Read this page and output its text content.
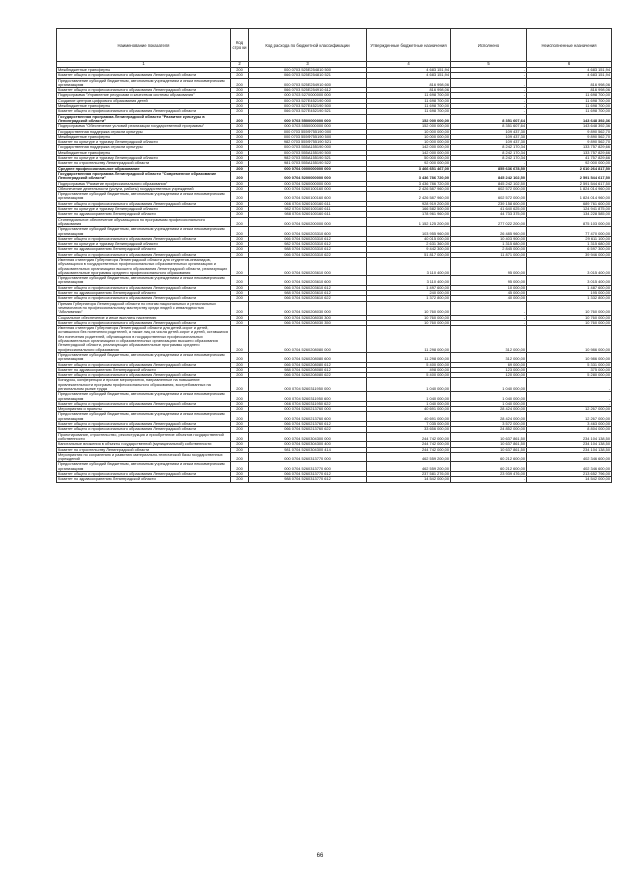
Наименование показателя	Код стро ки	Код расхода по бюджетной классификации	Утвержденные бюджетные назначения	Исполнено	Неисполненные назначения
1	2	3	4	5	6
Межбюджетные трансферты	200	000 0703 525Е254810 500	4 683 151,94	-	4 683 151,94
Комитет общего и профессионального образования Ленинградской области	200	066 0703 525Е254810 521	4 683 151,94	-	4 683 151,94
Предоставление субсидий бюджетным, автономным учреждениям и иным некоммерческим организациям	200	000 0703 525Е254910 600	816 998,06	-	816 998,06
Комитет общего и профессионального образования Ленинградской области	200	066 0703 525Е254910 612	816 998,06	-	816 998,06
Подпрограмма "Управление ресурсами и качеством системы образования"	200	000 0703 5270000000 000	11 698 700,00	-	11 698 700,00
Создание центров цифрового образования детей	200	000 0703 527Е452190 000	11 698 700,00	-	11 698 700,00
Межбюджетные трансферты	200	000 0703 527Е452190 500	11 698 700,00	-	11 698 700,00
Комитет общего и профессионального образования Ленинградской области	200	066 0703 527Е452190 521	11 698 700,00	-	11 698 700,00
Государственная программа Ленинградской области "Развитие культуры в Ленинградской области"	200	000 0703 5500000000 000	152 000 000,00	8 351 607,64	143 648 392,36
Подпрограмма "Обеспечение условий реализации государственной программы"	200	000 0703 5550000000 000	152 000 000,00	8 351 607,64	143 648 392,36
Государственная поддержка отрасли культуры	200	000 0703 555Ф755190 000	10 000 000,00	109 437,30	9 890 562,70
Межбюджетные трансферты	200	000 0703 555Ф755190 500	10 000 000,00	109 437,30	9 890 562,70
Комитет по культуре и туризму Ленинградской области	200	982 0703 555Ф755190 521	10 000 000,00	109 437,30	9 890 562,70
Государственная поддержка отрасли культуры	200	000 0703 555А155190 000	142 000 000,00	8 242 170,34	133 757 829,66
Межбюджетные трансферты	200	000 0703 555А155190 500	142 000 000,00	8 242 170,34	133 757 829,66
Комитет по культуре и туризму Ленинградской области	200	982 0703 555А155190 521	50 000 000,00	8 242 170,34	41 757 829,66
Комитет по строительству Ленинградской области	200	981 0703 555А155190 522	92 000 000,00	-	92 000 000,00
Среднее профессиональное образование	200	000 0704 0000000000 000	3 466 651 467,00	855 636 678,50	2 610 264 817,50
Государственная программа Ленинградской области "Современное образование Ленинградской области"	200	000 0704 5200000000 000	3 436 786 720,00	845 242 102,50	2 591 544 617,50
Подпрограмма "Развитие профессионального образования"	200	000 0704 5260000000 000	3 436 786 720,00	845 242 102,50	2 591 544 617,50
Обеспечение деятельности (услуги, работы) государственных учреждений	200	000 0704 5260100160 000	2 426 587 960,00	602 572 000,00	1 824 014 960,00
Предоставление субсидий бюджетным, автономным учреждениям и иным некоммерческим организациям	200	000 0704 5260100160 600	2 426 587 960,00	602 572 000,00	1 824 014 960,00
Комитет общего и профессионального образования Ленинградской области	200	066 0704 5260100160 611	928 919 200,00	239 158 600,00	689 761 600,00
Комитет по культуре и туризму Ленинградской области	200	982 0704 5260100160 611	166 582 500,00	41 640 625,00	124 941 875,00
Комитет по здравоохранению Ленинградской области	200	988 0704 5260100160 611	178 961 960,00	44 733 375,00	134 228 585,00
Стипендиальное обеспечение обучающихся по программам профессионального образования	200	000 0704 5260200000 000	1 152 125 200,00	277 022 200,00	875 103 000,00
Предоставление субсидий бюджетным, автономным учреждениям и иным некоммерческим организациям	200	000 0704 5260203310 600	103 955 960,00	26 485 960,00	77 470 000,00
Комитет общего и профессионального образования Ленинградской области	200	066 0704 5260203310 612	40 015 000,00	10 403 900,00	29 611 100,00
Комитет по культуре и туризму Ленинградской области	200	982 0704 5260203310 612	2 631 360,00	1 315 680,00	1 315 680,00
Комитет по здравоохранению Ленинградской области	200	988 0704 5260203310 612	9 442 300,00	2 845 000,00	6 597 300,00
Комитет общего и профессионального образования Ленинградской области	200	066 0704 5260203310 622	51 817 000,00	11 871 000,00	39 946 000,00
Именная стипендия Губернатора Ленинградской области для студентов-инвалидов, обучающихся в государственных профессиональных образовательных организациях и образовательных организациях высшего образования Ленинградской области, реализующих образовательные программы среднего профессионального образования	200	000 0704 5260203610 000	3 110 400,00	95 000,00	3 015 400,00
Предоставление субсидий бюджетным, автономным учреждениям и иным некоммерческим организациям	200	000 0704 5260203610 600	3 110 400,00	95 000,00	3 015 400,00
Комитет общего и профессионального образования Ленинградской области	200	066 0704 5260203610 612	1 497 600,00	10 000,00	1 487 600,00
Комитет по здравоохранению Ленинградской области	200	988 0704 5260203610 612	240 000,00	45 000,00	195 000,00
Комитет общего и профессионального образования Ленинградской области	200	066 0704 5260203610 622	1 372 800,00	40 000,00	1 332 800,00
Премия Губернатора Ленинградской области по итогам национальных и региональных чемпионатов по профессиональному мастерству среди людей с инвалидностью "Абилимпикс"	200	000 0704 5260208030 000	10 760 000,00	-	10 760 000,00
Социальное обеспечение и иные выплаты населению	200	000 0704 5260208030 300	10 760 000,00	-	10 760 000,00
Комитет общего и профессионального образования Ленинградской области	200	066 0704 5260208030 350	10 760 000,00	-	10 760 000,00
Именная стипендия Губернатора Ленинградской области для детей-сирот и детей, оставшихся без попечения родителей, а также лиц из числа детей-сирот и детей, оставшихся без попечения родителей, обучающихся в государственных профессиональных образовательных организациях и образовательных организациях высшего образования Ленинградской области, реализующих образовательные программы среднего профессионального образования	200	000 0704 5260208080 000	11 298 000,00	312 000,00	10 986 000,00
Предоставление субсидий бюджетным, автономным учреждениям и иным некоммерческим организациям	200	000 0704 5260208080 600	11 298 000,00	312 000,00	10 986 000,00
Комитет общего и профессионального образования Ленинградской области	200	066 0704 5260208080 612	5 400 000,00	69 000,00	5 331 000,00
Комитет по здравоохранению Ленинградской области	200	988 0704 5260208080 612	498 000,00	123 000,00	375 000,00
Комитет общего и профессионального образования Ленинградской области	200	066 0704 5260208080 622	5 400 000,00	120 000,00	5 280 000,00
Конкурсы, конференции и прочие мероприятия, направленные на повышение привлекательности программ профессионального образования, востребованных на региональном рынке труда	200	000 0704 5260311950 000	1 040 000,00	1 040 000,00	-
Предоставление субсидий бюджетным, автономным учреждениям и иным некоммерческим организациям	200	000 0704 5260311950 600	1 040 000,00	1 040 000,00	-
Комитет общего и профессионального образования Ленинградской области	200	066 0704 5260311950 622	1 040 000,00	1 040 000,00	-
Мероприятия и проекты	200	000 0704 5260213760 000	40 691 000,00	28 424 000,00	12 267 000,00
Предоставление субсидий бюджетным, автономным учреждениям и иным некоммерческим организациям	200	000 0704 5260213760 600	40 691 000,00	28 424 000,00	12 267 000,00
Комитет общего и профессионального образования Ленинградской области	200	066 0704 5260213760 612	7 035 000,00	3 572 000,00	3 463 000,00
Комитет общего и профессионального образования Ленинградской области	200	066 0704 5260213760 622	33 656 000,00	24 852 000,00	8 804 000,00
Проектирование, строительство, реконструкция и приобретение объектов государственной собственности	200	000 0704 5260304300 000	244 742 000,00	10 637 861,50	234 104 138,50
Капитальные вложения в объекты государственной (муниципальной) собственности	200	000 0704 5260304300 400	244 742 000,00	10 637 861,50	234 104 138,50
Комитет по строительству Ленинградской области	200	981 0704 5260304300 414	244 742 000,00	10 637 861,50	234 104 138,50
Мероприятия по сохранению и развитию материально-технической базы государственных учреждений	200	000 0704 5260313770 000	462 559 200,00	60 212 600,00	402 346 600,00
Предоставление субсидий бюджетным, автономным учреждениям и иным некоммерческим организациям	200	000 0704 5260313770 600	462 559 200,00	60 212 600,00	402 346 600,00
Комитет общего и профессионального образования Ленинградской области	200	066 0704 5260313770 612	237 581 276,00	23 939 476,00	213 652 796,00
Комитет по здравоохранению Ленинградской области	200	988 0704 5260313770 612	14 542 000,00	-	14 542 000,00
66
